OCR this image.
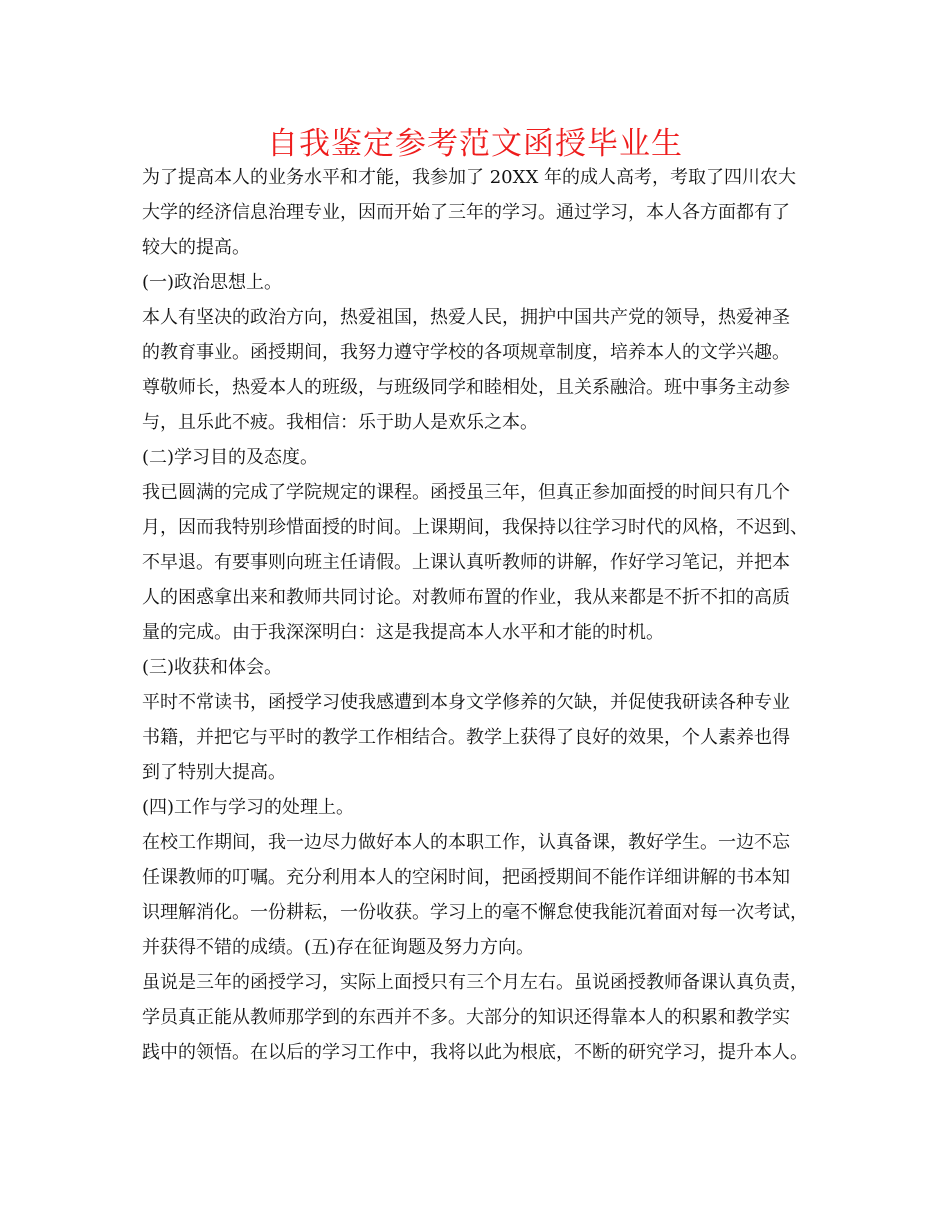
自我鉴定参考范文函授毕业生

为了提高本人的业务水平和才能，我参加了 20XX 年的成人高考，考取了四川农大

大学的经济信息治理专业，因而开始了三年的学习。通过学习，本人各方面都有了

较大的提高。

(一)政治思想上。

本人有坚决的政治方向，热爱祖国，热爱人民，拥护中国共产党的领导，热爱神圣

的教育事业。函授期间，我努力遵守学校的各项规章制度，培养本人的文学兴趣。

尊敬师长，热爱本人的班级，与班级同学和睦相处，且关系融洽。班中事务主动参

与，且乐此不疲。我相信：乐于助人是欢乐之本。

(二)学习目的及态度。

我已圆满的完成了学院规定的课程。函授虽三年，但真正参加面授的时间只有几个

月，因而我特别珍惜面授的时间。上课期间，我保持以往学习时代的风格，不迟到、

不早退。有要事则向班主任请假。上课认真听教师的讲解，作好学习笔记，并把本

人的困惑拿出来和教师共同讨论。对教师布置的作业，我从来都是不折不扣的高质

量的完成。由于我深深明白：这是我提高本人水平和才能的时机。

(三)收获和体会。

平时不常读书，函授学习使我感遭到本身文学修养的欠缺，并促使我研读各种专业

书籍，并把它与平时的教学工作相结合。教学上获得了良好的效果，个人素养也得

到了特别大提高。

(四)工作与学习的处理上。

在校工作期间，我一边尽力做好本人的本职工作，认真备课，教好学生。一边不忘

任课教师的叮嘱。充分利用本人的空闲时间，把函授期间不能作详细讲解的书本知

识理解消化。一份耕耘，一份收获。学习上的毫不懈怠使我能沉着面对每一次考试，

并获得不错的成绩。(五)存在征询题及努力方向。

虽说是三年的函授学习，实际上面授只有三个月左右。虽说函授教师备课认真负责，

学员真正能从教师那学到的东西并不多。大部分的知识还得靠本人的积累和教学实

践中的领悟。在以后的学习工作中，我将以此为根底，不断的研究学习，提升本人。
